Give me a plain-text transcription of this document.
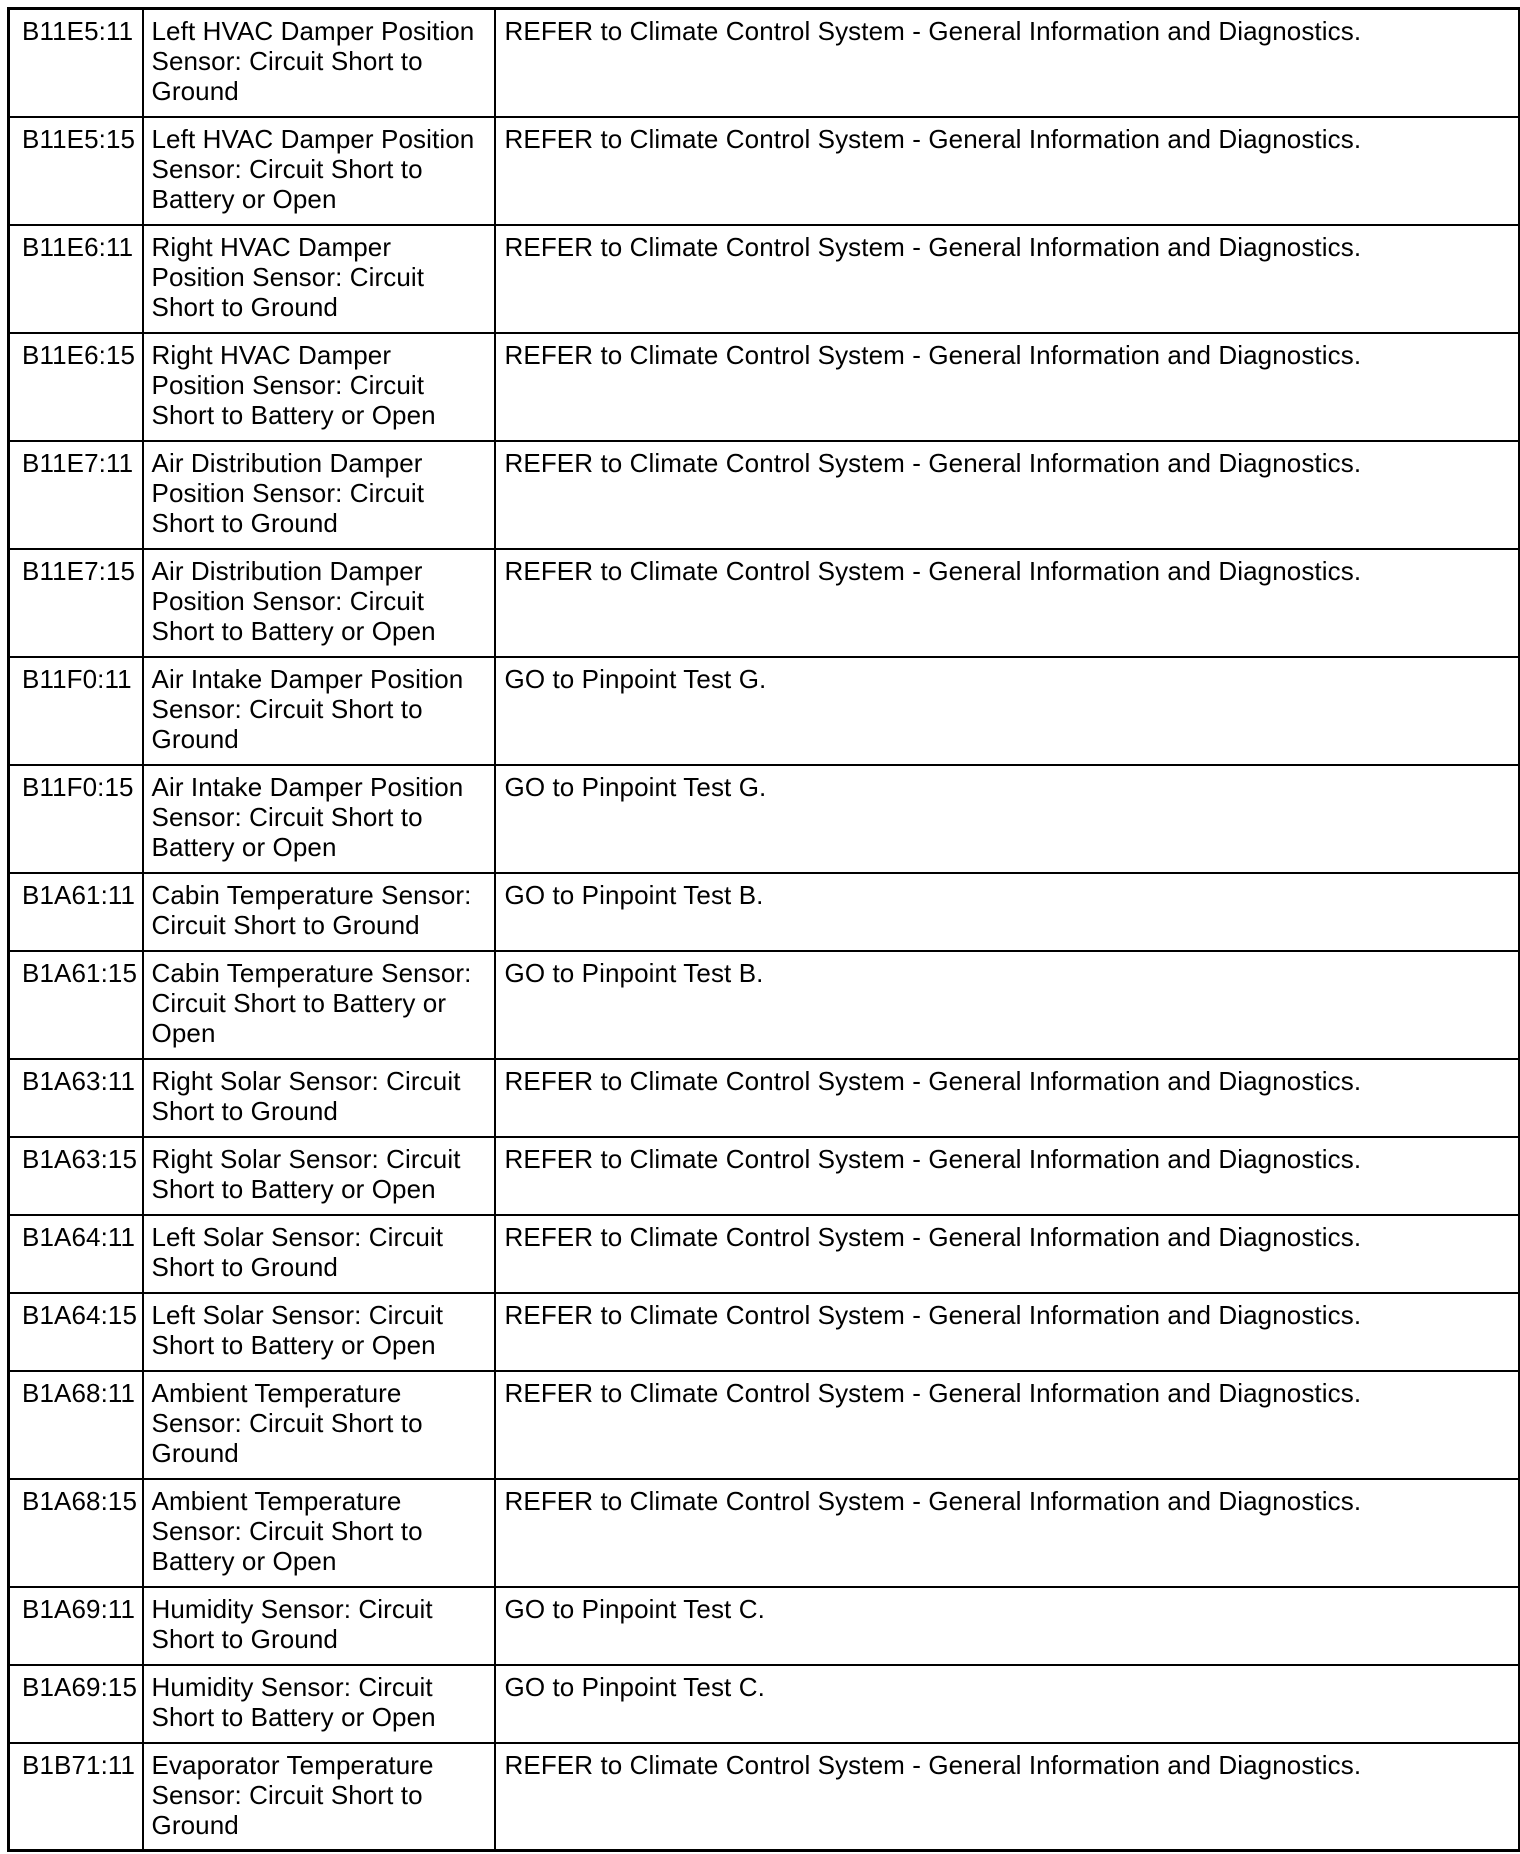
B11E5:11	Left HVAC Damper Position Sensor: Circuit Short to Ground	REFER to Climate Control System - General Information and Diagnostics.
B11E5:15	Left HVAC Damper Position Sensor: Circuit Short to Battery or Open	REFER to Climate Control System - General Information and Diagnostics.
B11E6:11	Right HVAC Damper Position Sensor: Circuit Short to Ground	REFER to Climate Control System - General Information and Diagnostics.
B11E6:15	Right HVAC Damper Position Sensor: Circuit Short to Battery or Open	REFER to Climate Control System - General Information and Diagnostics.
B11E7:11	Air Distribution Damper Position Sensor: Circuit Short to Ground	REFER to Climate Control System - General Information and Diagnostics.
B11E7:15	Air Distribution Damper Position Sensor: Circuit Short to Battery or Open	REFER to Climate Control System - General Information and Diagnostics.
B11F0:11	Air Intake Damper Position Sensor: Circuit Short to Ground	GO to Pinpoint Test G.
B11F0:15	Air Intake Damper Position Sensor: Circuit Short to Battery or Open	GO to Pinpoint Test G.
B1A61:11	Cabin Temperature Sensor: Circuit Short to Ground	GO to Pinpoint Test B.
B1A61:15	Cabin Temperature Sensor: Circuit Short to Battery or Open	GO to Pinpoint Test B.
B1A63:11	Right Solar Sensor: Circuit Short to Ground	REFER to Climate Control System - General Information and Diagnostics.
B1A63:15	Right Solar Sensor: Circuit Short to Battery or Open	REFER to Climate Control System - General Information and Diagnostics.
B1A64:11	Left Solar Sensor: Circuit Short to Ground	REFER to Climate Control System - General Information and Diagnostics.
B1A64:15	Left Solar Sensor: Circuit Short to Battery or Open	REFER to Climate Control System - General Information and Diagnostics.
B1A68:11	Ambient Temperature Sensor: Circuit Short to Ground	REFER to Climate Control System - General Information and Diagnostics.
B1A68:15	Ambient Temperature Sensor: Circuit Short to Battery or Open	REFER to Climate Control System - General Information and Diagnostics.
B1A69:11	Humidity Sensor: Circuit Short to Ground	GO to Pinpoint Test C.
B1A69:15	Humidity Sensor: Circuit Short to Battery or Open	GO to Pinpoint Test C.
B1B71:11	Evaporator Temperature Sensor: Circuit Short to Ground	REFER to Climate Control System - General Information and Diagnostics.
